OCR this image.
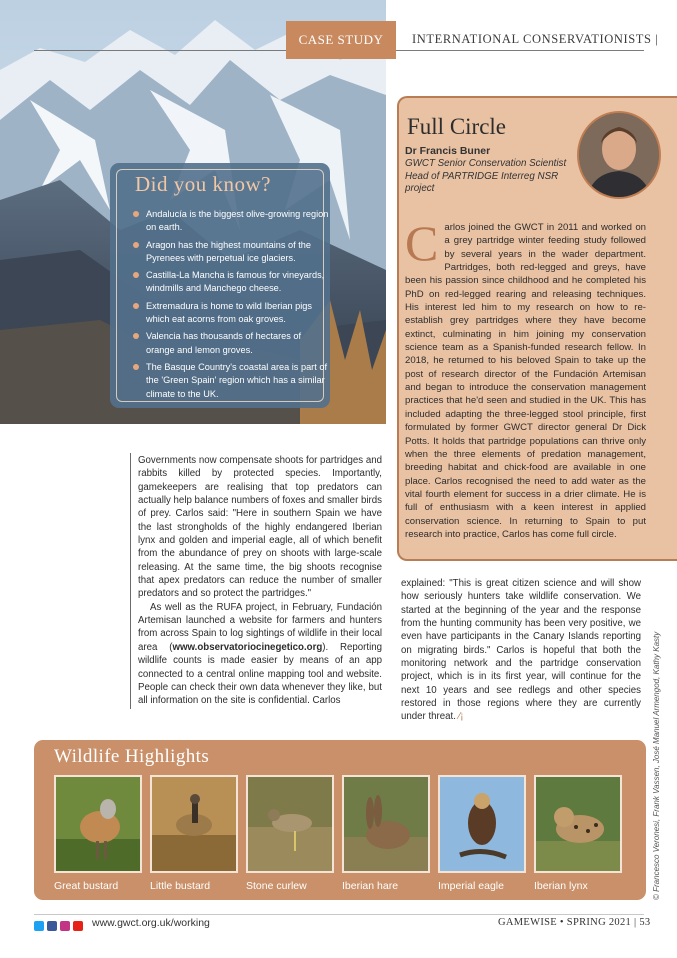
CASE STUDY	INTERNATIONAL CONSERVATIONISTS |
Did you know?
Andalucía is the biggest olive-growing region on earth.
Aragon has the highest mountains of the Pyrenees with perpetual ice glaciers.
Castilla-La Mancha is famous for vineyards, windmills and Manchego cheese.
Extremadura is home to wild Iberian pigs which eat acorns from oak groves.
Valencia has thousands of hectares of orange and lemon groves.
The Basque Country's coastal area is part of the 'Green Spain' region which has a similar climate to the UK.
Full Circle
Dr Francis Buner
GWCT Senior Conservation Scientist Head of PARTRIDGE Interreg NSR project
Carlos joined the GWCT in 2011 and worked on a grey partridge winter feeding study followed by several years in the wader department. Partridges, both red-legged and greys, have been his passion since childhood and he completed his PhD on red-legged rearing and releasing techniques. His interest led him to my research on how to re-establish grey partridges where they have become extinct, culminating in him joining my conservation science team as a Spanish-funded research fellow. In 2018, he returned to his beloved Spain to take up the post of research director of the Fundación Artemisan and began to introduce the conservation management practices that he'd seen and studied in the UK. This has included adapting the three-legged stool principle, first formulated by former GWCT director general Dr Dick Potts. It holds that partridge populations can thrive only when the three elements of predation management, breeding habitat and chick-food are available in one place. Carlos recognised the need to add water as the vital fourth element for success in a drier climate. He is full of enthusiasm with a keen interest in applied conservation science. In returning to Spain to put research into practice, Carlos has come full circle.

Governments now compensate shoots for partridges and rabbits killed by protected species. Importantly, gamekeepers are realising that top predators can actually help balance numbers of foxes and smaller birds of prey. Carlos said: "Here in southern Spain we have the last strongholds of the highly endangered Iberian lynx and golden and imperial eagle, all of which benefit from the abundance of prey on shoots with large-scale releasing. At the same time, the big shoots recognise that apex predators can reduce the number of smaller predators and so protect the partridges."

As well as the RUFA project, in February, Fundación Artemisan launched a website for farmers and hunters from across Spain to log sightings of wildlife in their local area (www.observatoriocinegetico.org). Reporting wildlife counts is made easier by means of an app connected to a central online mapping tool and website. People can check their own data whenever they like, but all information on the site is confidential. Carlos

explained: "This is great citizen science and will show how seriously hunters take wildlife conservation. We started at the beginning of the year and the response from the hunting community has been very positive, we even have participants in the Canary Islands reporting on migrating birds." Carlos is hopeful that both the monitoring network and the partridge conservation project, which is in its first year, will continue for the next 10 years and see redlegs and other species restored in those regions where they are currently under threat. ⁄¡	© Francesco Veronesi, Frank Vassen, José Manuel Armengod, Kathy Kasty
Wildlife Highlights
Great bustard	Little bustard	Stone curlew	Iberian hare	Imperial eagle	Iberian lynx
www.gwct.org.uk/working	GAMEWISE • SPRING 2021 | 53
